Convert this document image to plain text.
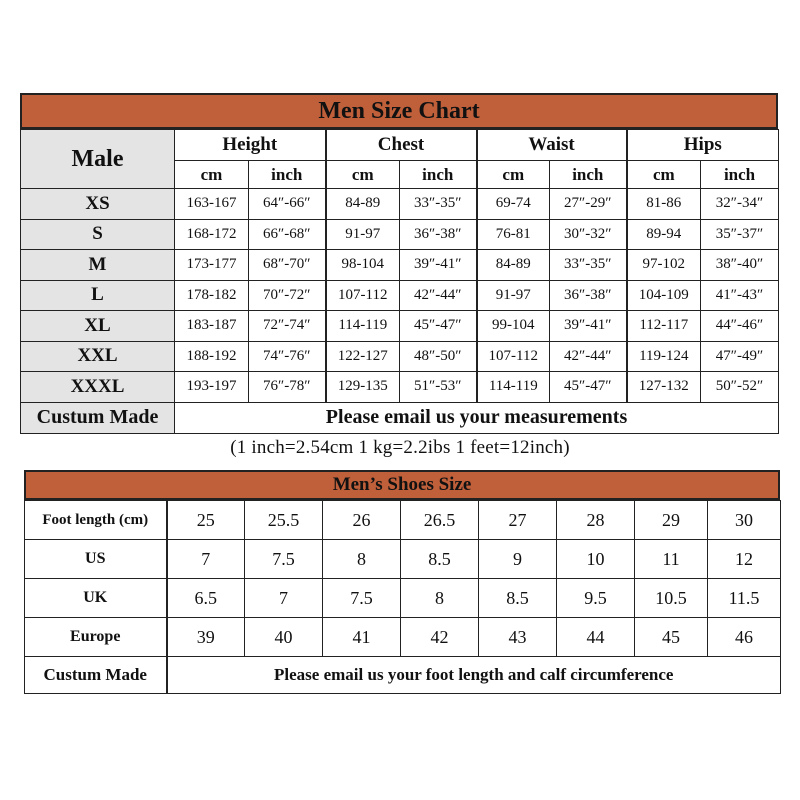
Men Size Chart
Male	Height		Chest		Waist		Hips	
	cm	inch	cm	inch	cm	inch	cm	inch
XS	163-167	64″-66″	84-89	33″-35″	69-74	27″-29″	81-86	32″-34″
S	168-172	66″-68″	91-97	36″-38″	76-81	30″-32″	89-94	35″-37″
M	173-177	68″-70″	98-104	39″-41″	84-89	33″-35″	97-102	38″-40″
L	178-182	70″-72″	107-112	42″-44″	91-97	36″-38″	104-109	41″-43″
XL	183-187	72″-74″	114-119	45″-47″	99-104	39″-41″	112-117	44″-46″
XXL	188-192	74″-76″	122-127	48″-50″	107-112	42″-44″	119-124	47″-49″
XXXL	193-197	76″-78″	129-135	51″-53″	114-119	45″-47″	127-132	50″-52″
Custum Made	Please email us your measurements							
(1 inch=2.54cm 1 kg=2.2ibs 1 feet=12inch)
Men’s Shoes Size
Foot length (cm)	25	25.5	26	26.5	27	28	29	30
US	7	7.5	8	8.5	9	10	11	12
UK	6.5	7	7.5	8	8.5	9.5	10.5	11.5
Europe	39	40	41	42	43	44	45	46
Custum Made	Please email us your foot length and calf circumference							
